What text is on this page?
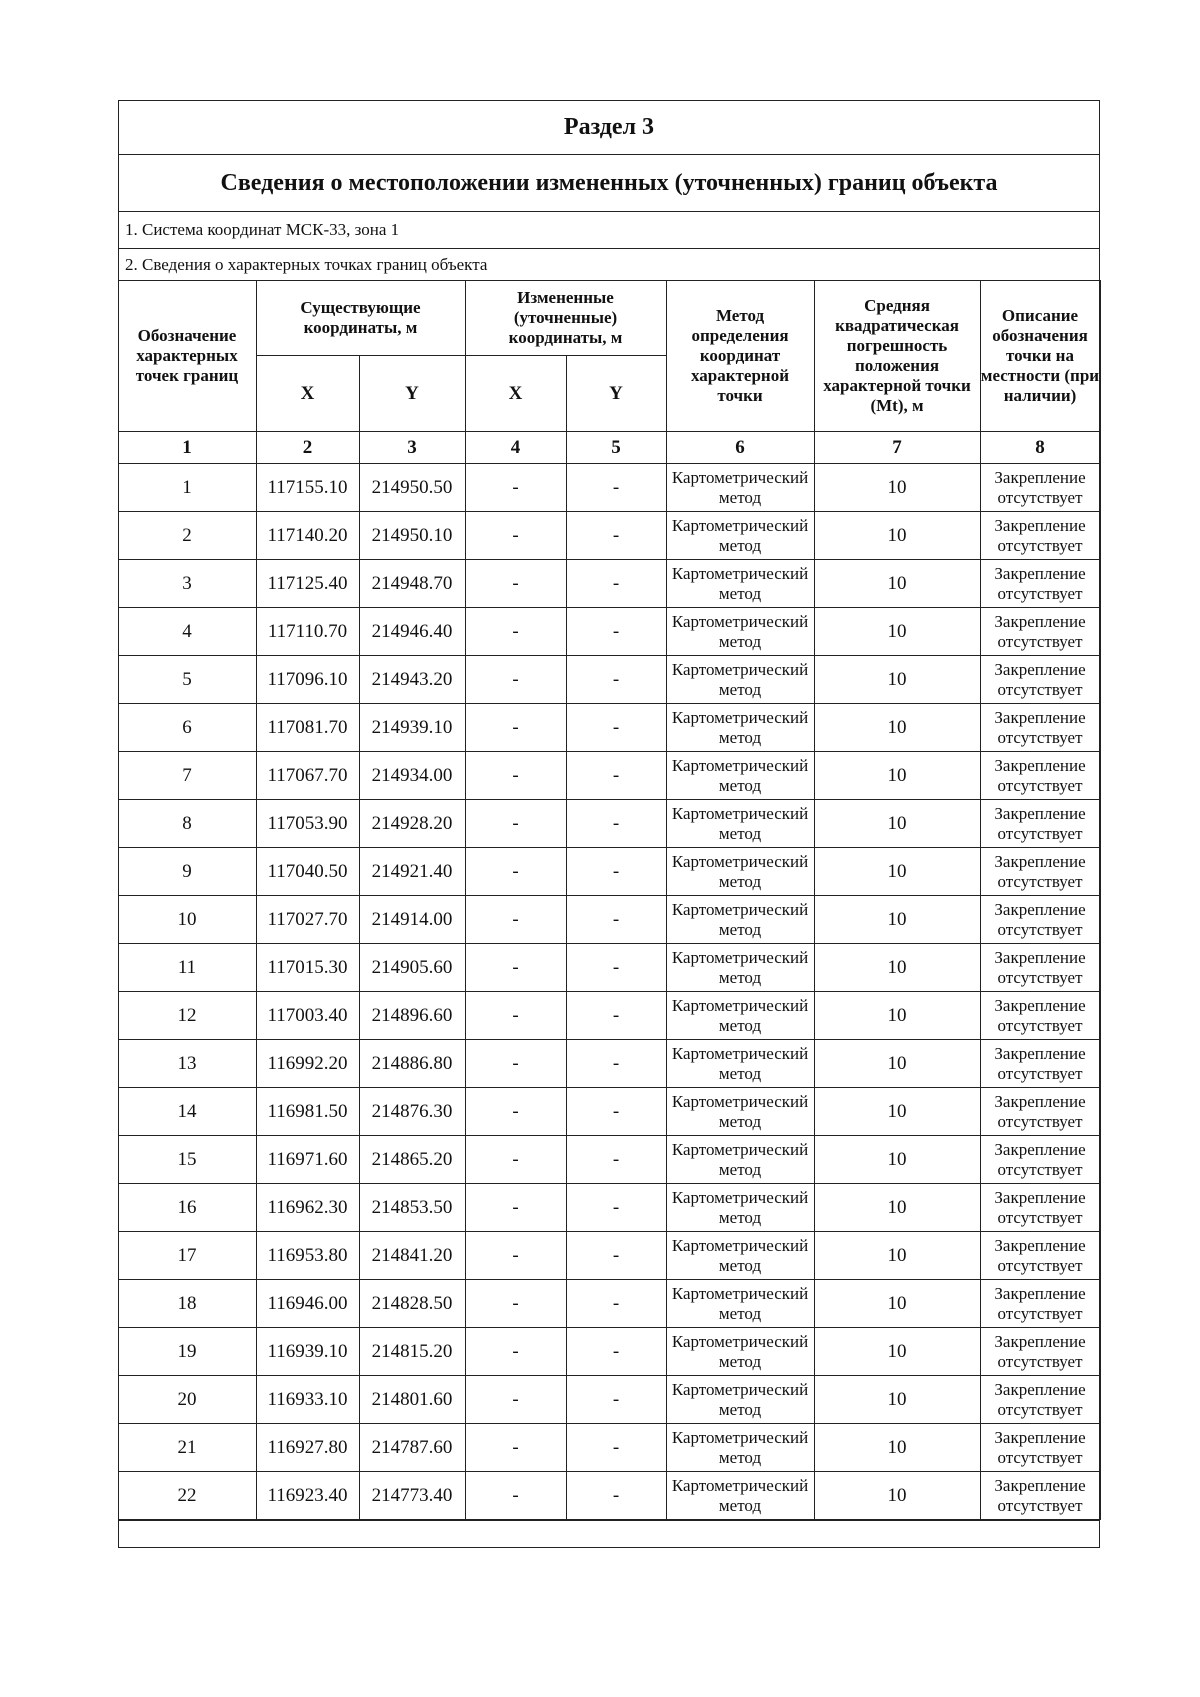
Раздел 3
Сведения о местоположении измененных (уточненных) границ объекта
1. Система координат МСК-33, зона 1
2. Сведения о характерных точках границ объекта
Обозначение характерных точек границ	Существующие координаты, м		Измененные (уточненные) координаты, м		Метод определения координат характерной точки	Средняя квадратическая погрешность положения характерной точки (Mt), м	Описание обозначения точки на местности (при наличии)
	X	Y	X	Y			
1	2	3	4	5	6	7	8
1	117155.10	214950.50	-	-	Картометрический метод	10	Закрепление отсутствует
2	117140.20	214950.10	-	-	Картометрический метод	10	Закрепление отсутствует
3	117125.40	214948.70	-	-	Картометрический метод	10	Закрепление отсутствует
4	117110.70	214946.40	-	-	Картометрический метод	10	Закрепление отсутствует
5	117096.10	214943.20	-	-	Картометрический метод	10	Закрепление отсутствует
6	117081.70	214939.10	-	-	Картометрический метод	10	Закрепление отсутствует
7	117067.70	214934.00	-	-	Картометрический метод	10	Закрепление отсутствует
8	117053.90	214928.20	-	-	Картометрический метод	10	Закрепление отсутствует
9	117040.50	214921.40	-	-	Картометрический метод	10	Закрепление отсутствует
10	117027.70	214914.00	-	-	Картометрический метод	10	Закрепление отсутствует
11	117015.30	214905.60	-	-	Картометрический метод	10	Закрепление отсутствует
12	117003.40	214896.60	-	-	Картометрический метод	10	Закрепление отсутствует
13	116992.20	214886.80	-	-	Картометрический метод	10	Закрепление отсутствует
14	116981.50	214876.30	-	-	Картометрический метод	10	Закрепление отсутствует
15	116971.60	214865.20	-	-	Картометрический метод	10	Закрепление отсутствует
16	116962.30	214853.50	-	-	Картометрический метод	10	Закрепление отсутствует
17	116953.80	214841.20	-	-	Картометрический метод	10	Закрепление отсутствует
18	116946.00	214828.50	-	-	Картометрический метод	10	Закрепление отсутствует
19	116939.10	214815.20	-	-	Картометрический метод	10	Закрепление отсутствует
20	116933.10	214801.60	-	-	Картометрический метод	10	Закрепление отсутствует
21	116927.80	214787.60	-	-	Картометрический метод	10	Закрепление отсутствует
22	116923.40	214773.40	-	-	Картометрический метод	10	Закрепление отсутствует
